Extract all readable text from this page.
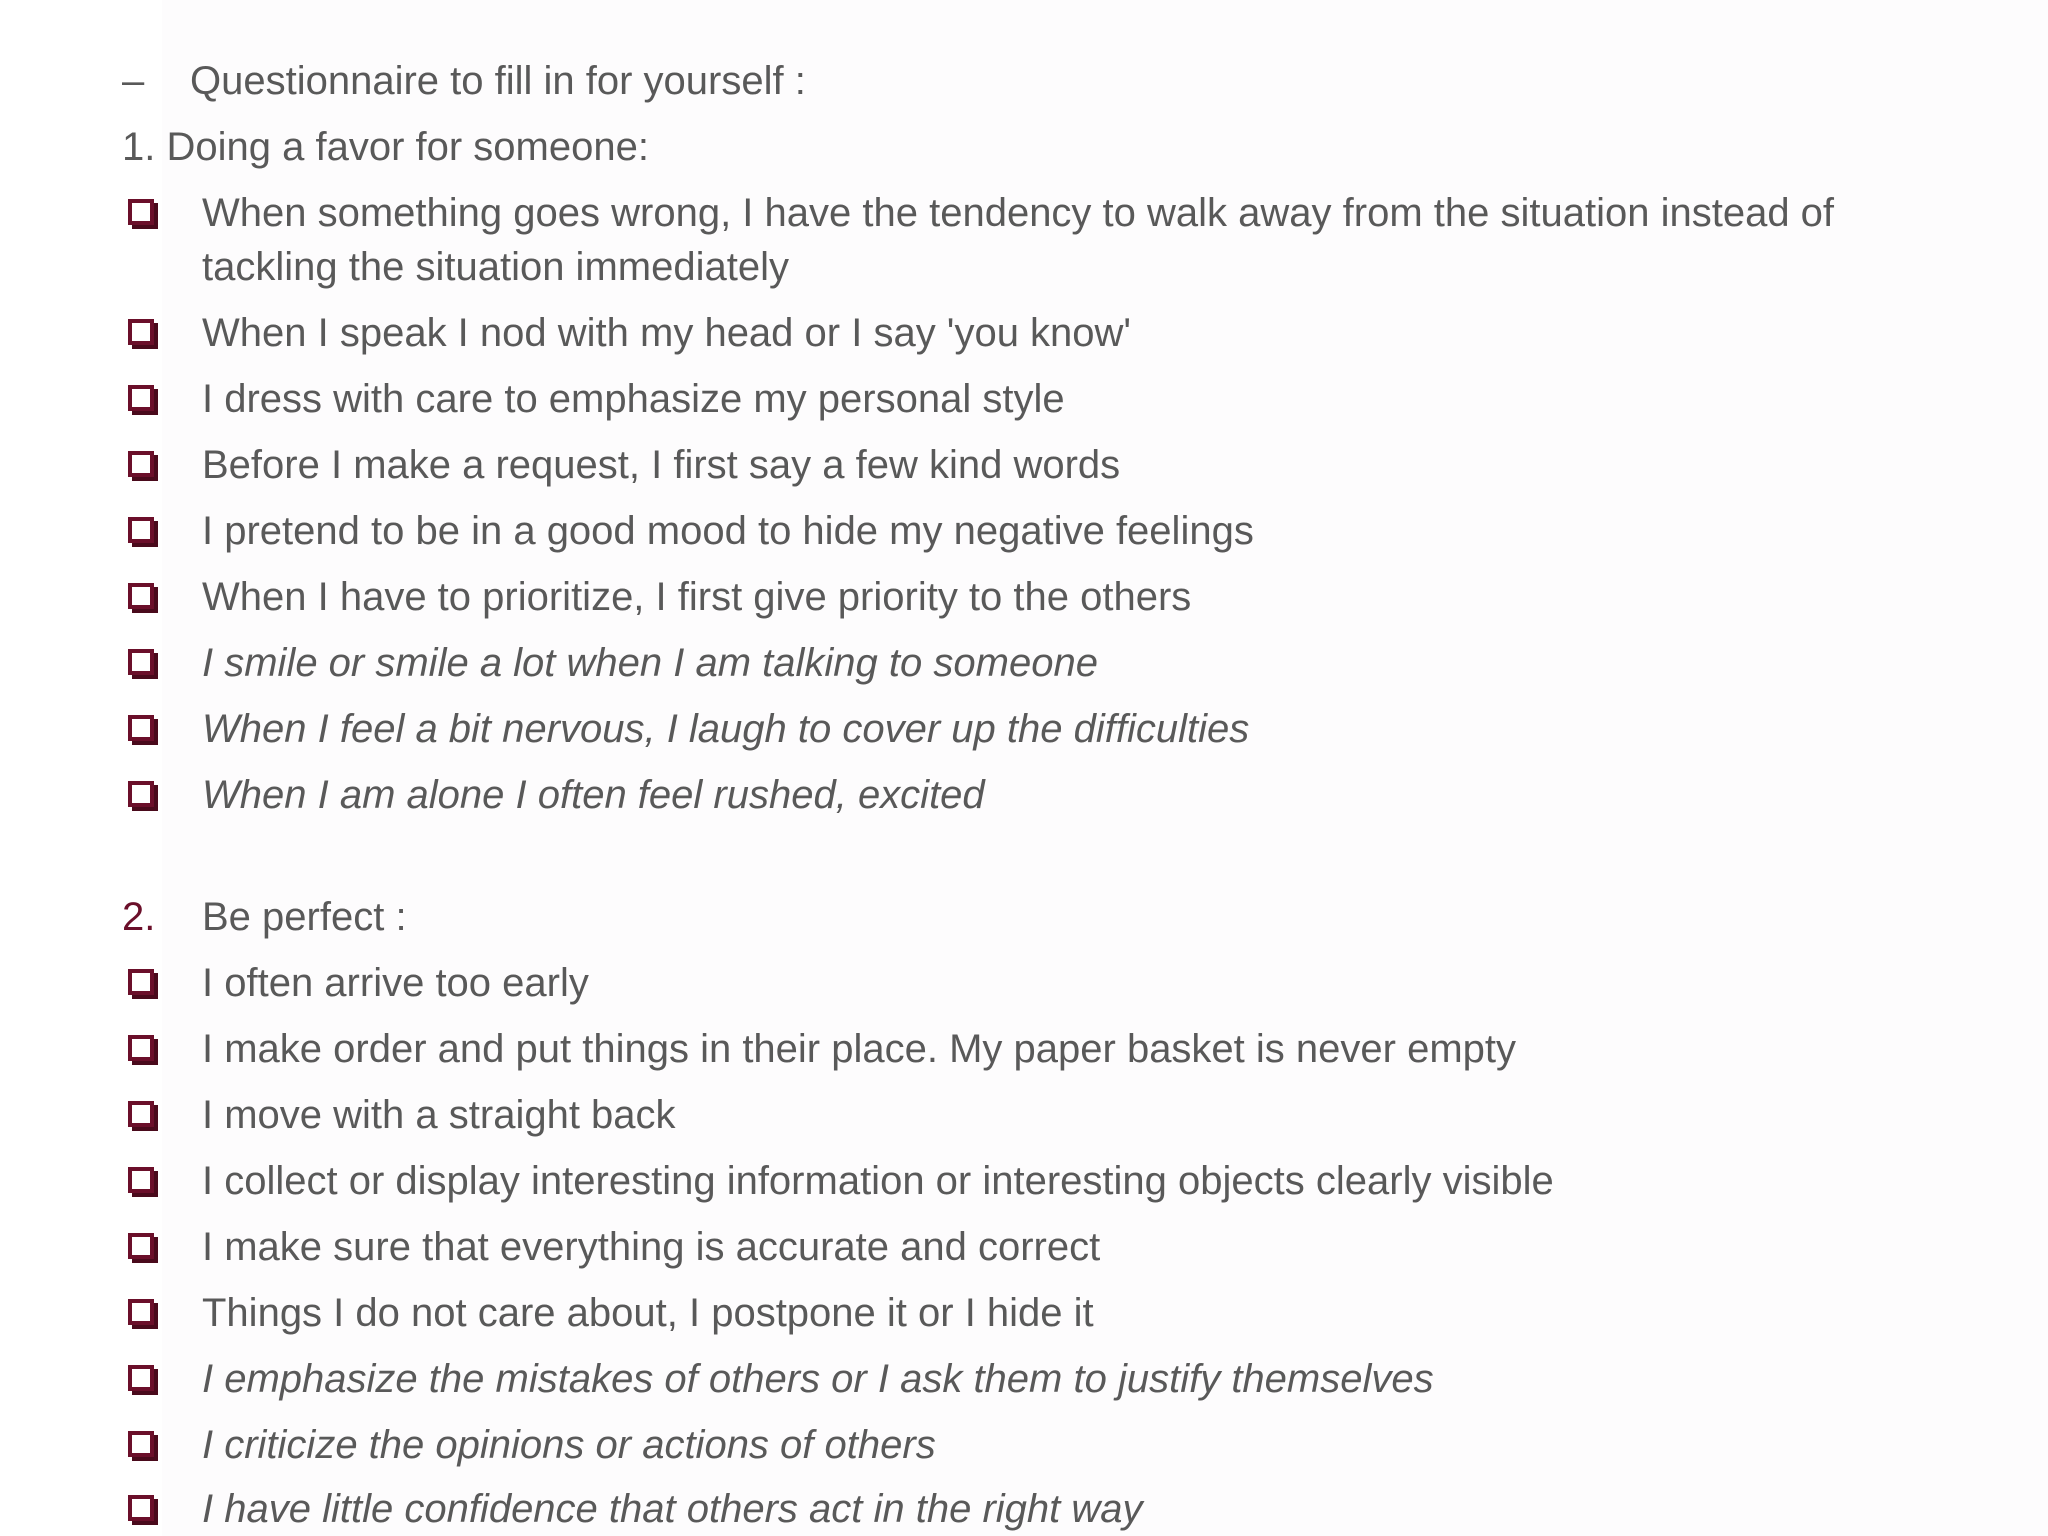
– Questionnaire to fill in for yourself :
1. Doing a favor for someone:
When something goes wrong, I have the tendency to walk away from the situation instead of
tackling the situation immediately
When I speak I nod with my head or I say 'you know'
I dress with care to emphasize my personal style
Before I make a request, I first say a few kind words
I pretend to be in a good mood to hide my negative feelings
When I have to prioritize, I first give priority to the others
I smile or smile a lot when I am talking to someone
When I feel a bit nervous, I laugh to cover up the difficulties
When I am alone I often feel rushed, excited
2. Be perfect :
I often arrive too early
I make order and put things in their place. My paper basket is never empty
I move with a straight back
I collect or display interesting information or interesting objects clearly visible
I make sure that everything is accurate and correct
Things I do not care about, I postpone it or I hide it
I emphasize the mistakes of others or I ask them to justify themselves
I criticize the opinions or actions of others
I have little confidence that others act in the right way
